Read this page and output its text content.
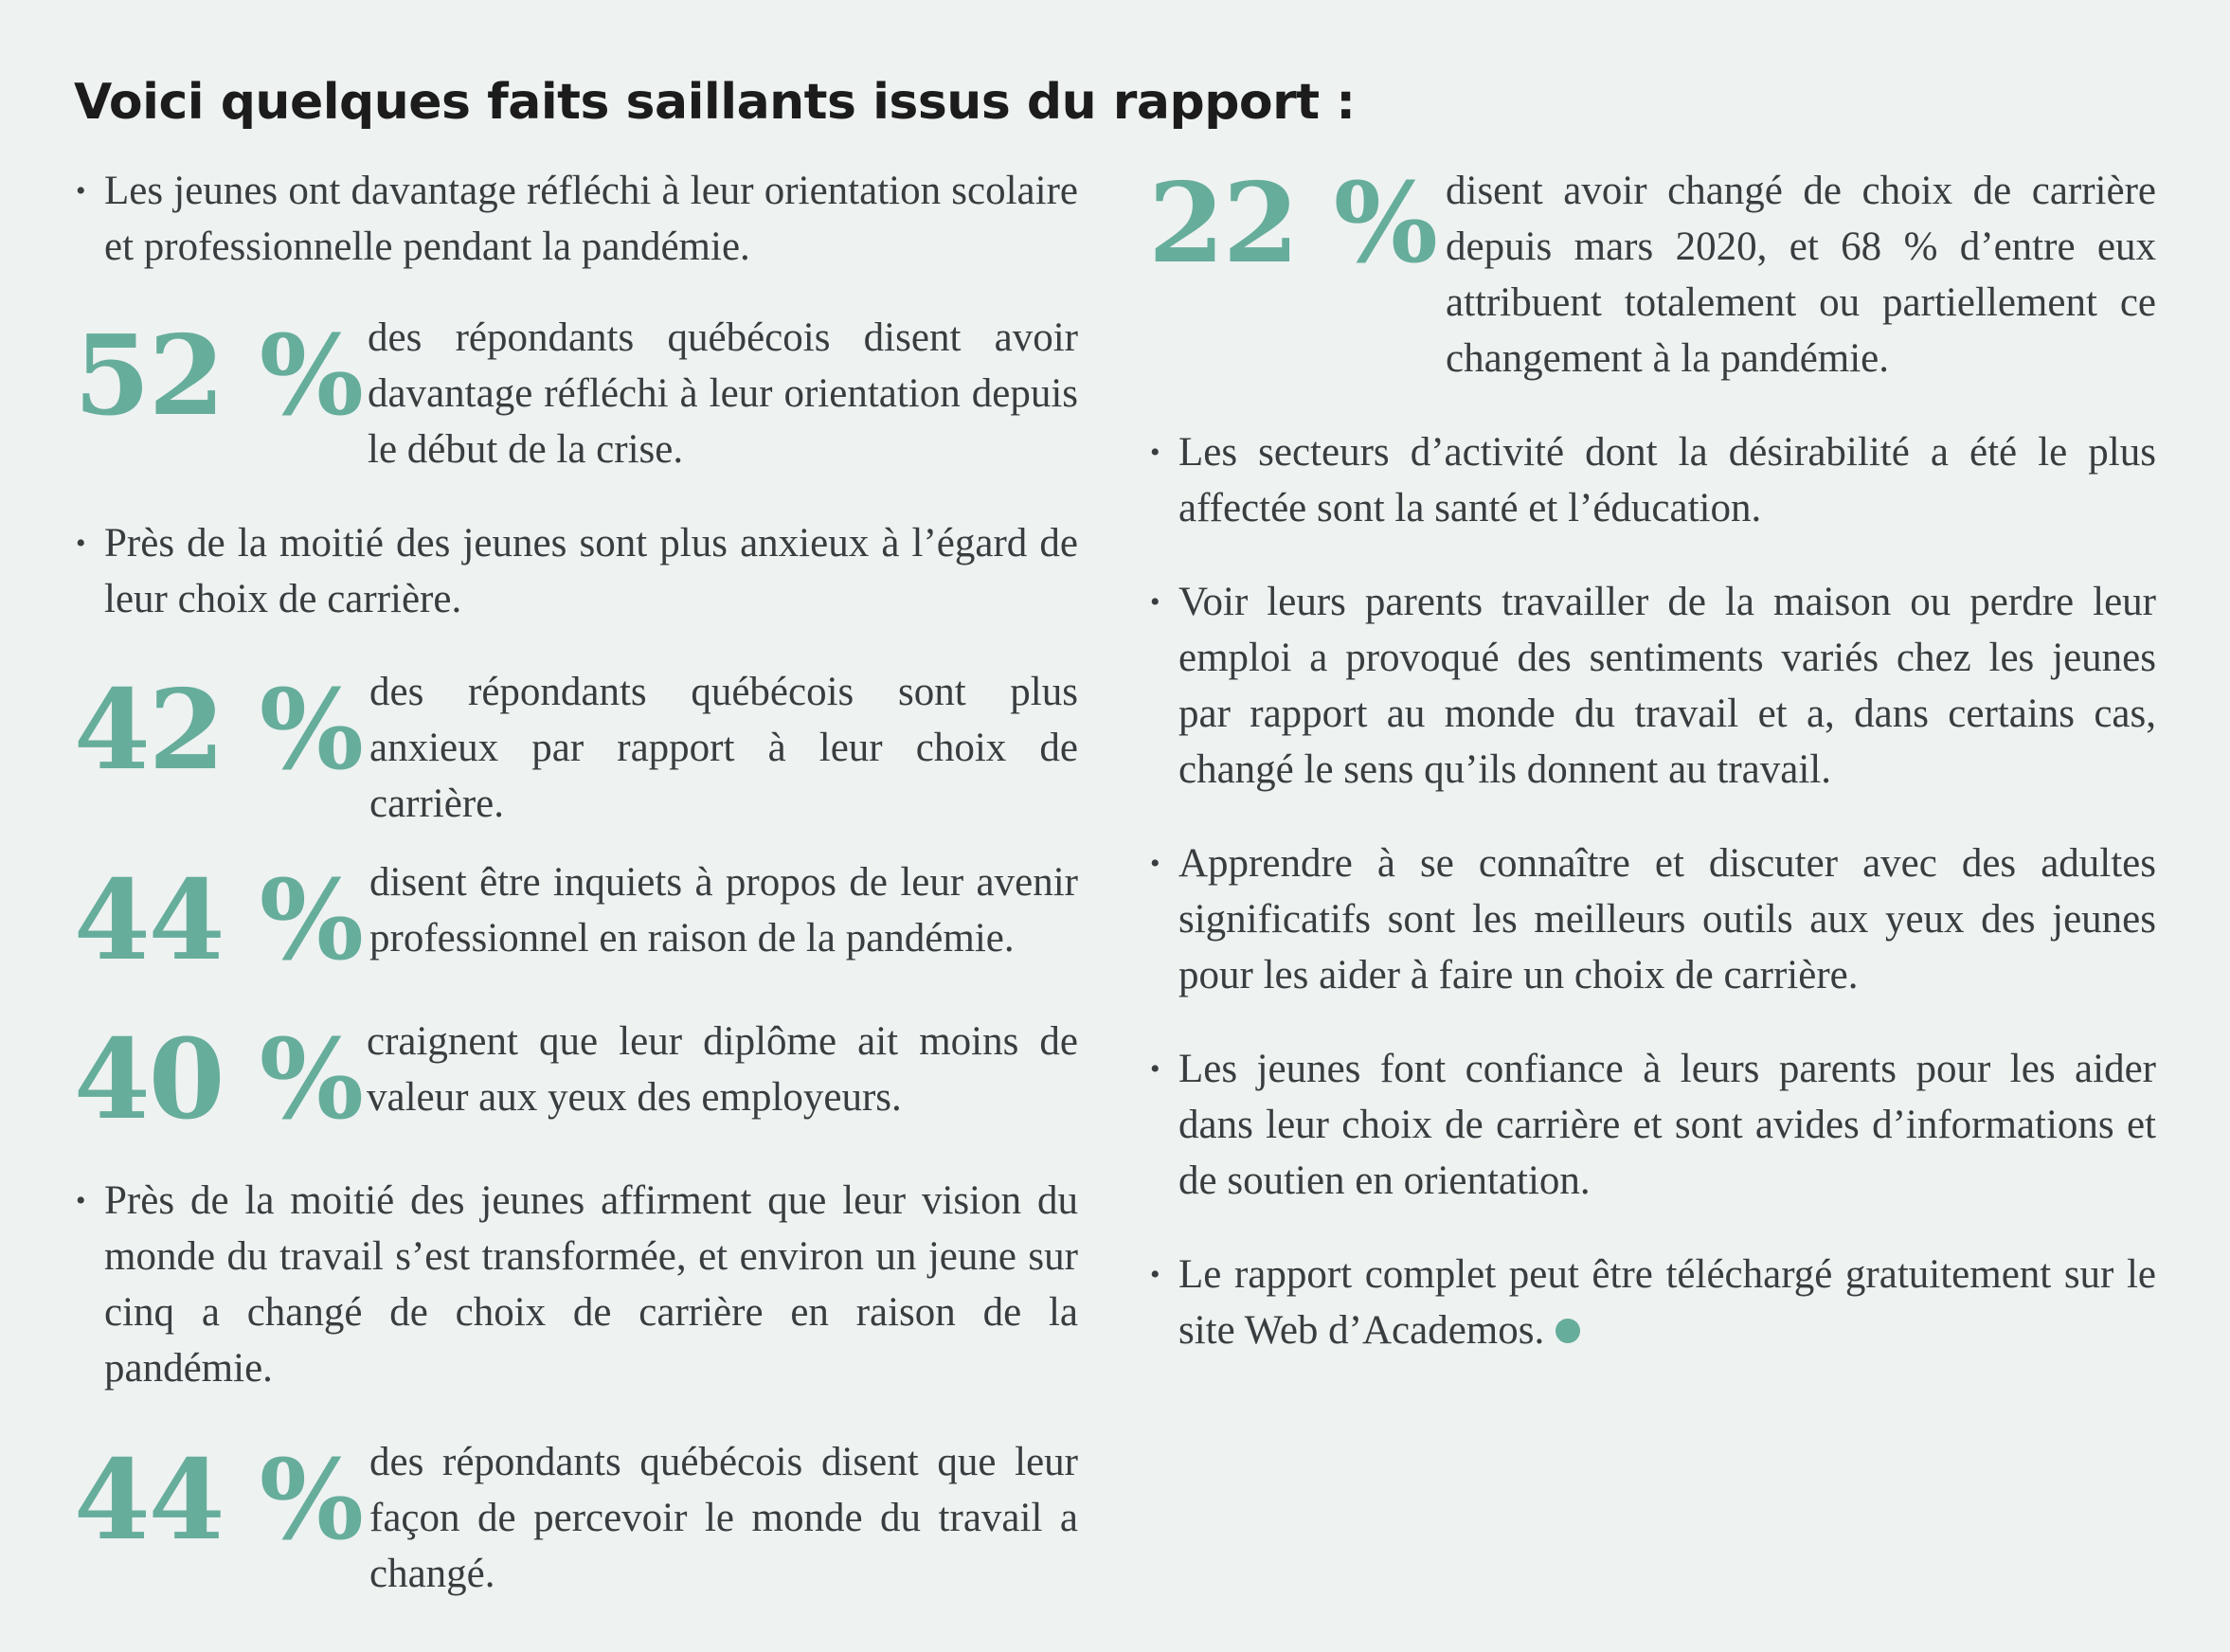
Voici quelques faits saillants issus du rapport :
• Les jeunes ont davantage réfléchi à leur orientation scolaire et professionnelle pendant la pandémie.
52 % des répondants québécois disent avoir davantage réfléchi à leur orientation depuis le début de la crise.
• Près de la moitié des jeunes sont plus anxieux à l’égard de leur choix de carrière.
42 % des répondants québécois sont plus anxieux par rapport à leur choix de carrière.
44 % disent être inquiets à propos de leur avenir professionnel en raison de la pandémie.
40 % craignent que leur diplôme ait moins de valeur aux yeux des employeurs.
• Près de la moitié des jeunes affirment que leur vision du monde du travail s’est transformée, et environ un jeune sur cinq a changé de choix de carrière en raison de la pandémie.
44 % des répondants québécois disent que leur façon de percevoir le monde du travail a changé.
22 % disent avoir changé de choix de carrière depuis mars 2020, et 68 % d’entre eux attribuent totalement ou partiellement ce changement à la pandémie.
• Les secteurs d’activité dont la désirabilité a été le plus affectée sont la santé et l’éducation.
• Voir leurs parents travailler de la maison ou perdre leur emploi a provoqué des sentiments variés chez les jeunes par rapport au monde du travail et a, dans certains cas, changé le sens qu’ils donnent au travail.
• Apprendre à se connaître et discuter avec des adultes significatifs sont les meilleurs outils aux yeux des jeunes pour les aider à faire un choix de carrière.
• Les jeunes font confiance à leurs parents pour les aider dans leur choix de carrière et sont avides d’informations et de soutien en orientation.
• Le rapport complet peut être téléchargé gratuitement sur le site Web d’Academos.
